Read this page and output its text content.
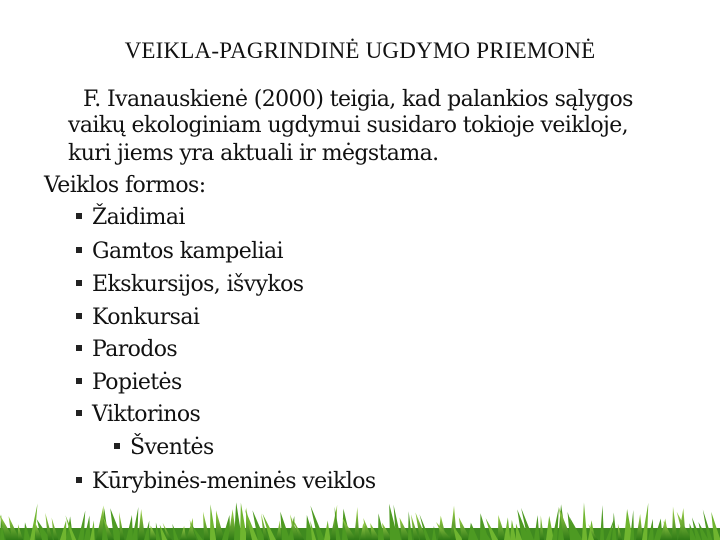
VEIKLA-PAGRINDINĖ UGDYMO PRIEMONĖ
F. Ivanauskienė (2000) teigia, kad palankios sąlygos
vaikų ekologiniam ugdymui susidaro tokioje veikloje,
kuri jiems yra aktuali ir mėgstama.
Veiklos formos:
Žaidimai
Gamtos kampeliai
Ekskursijos, išvykos
Konkursai
Parodos
Popietės
Viktorinos
Šventės
Kūrybinės-meninės veiklos
